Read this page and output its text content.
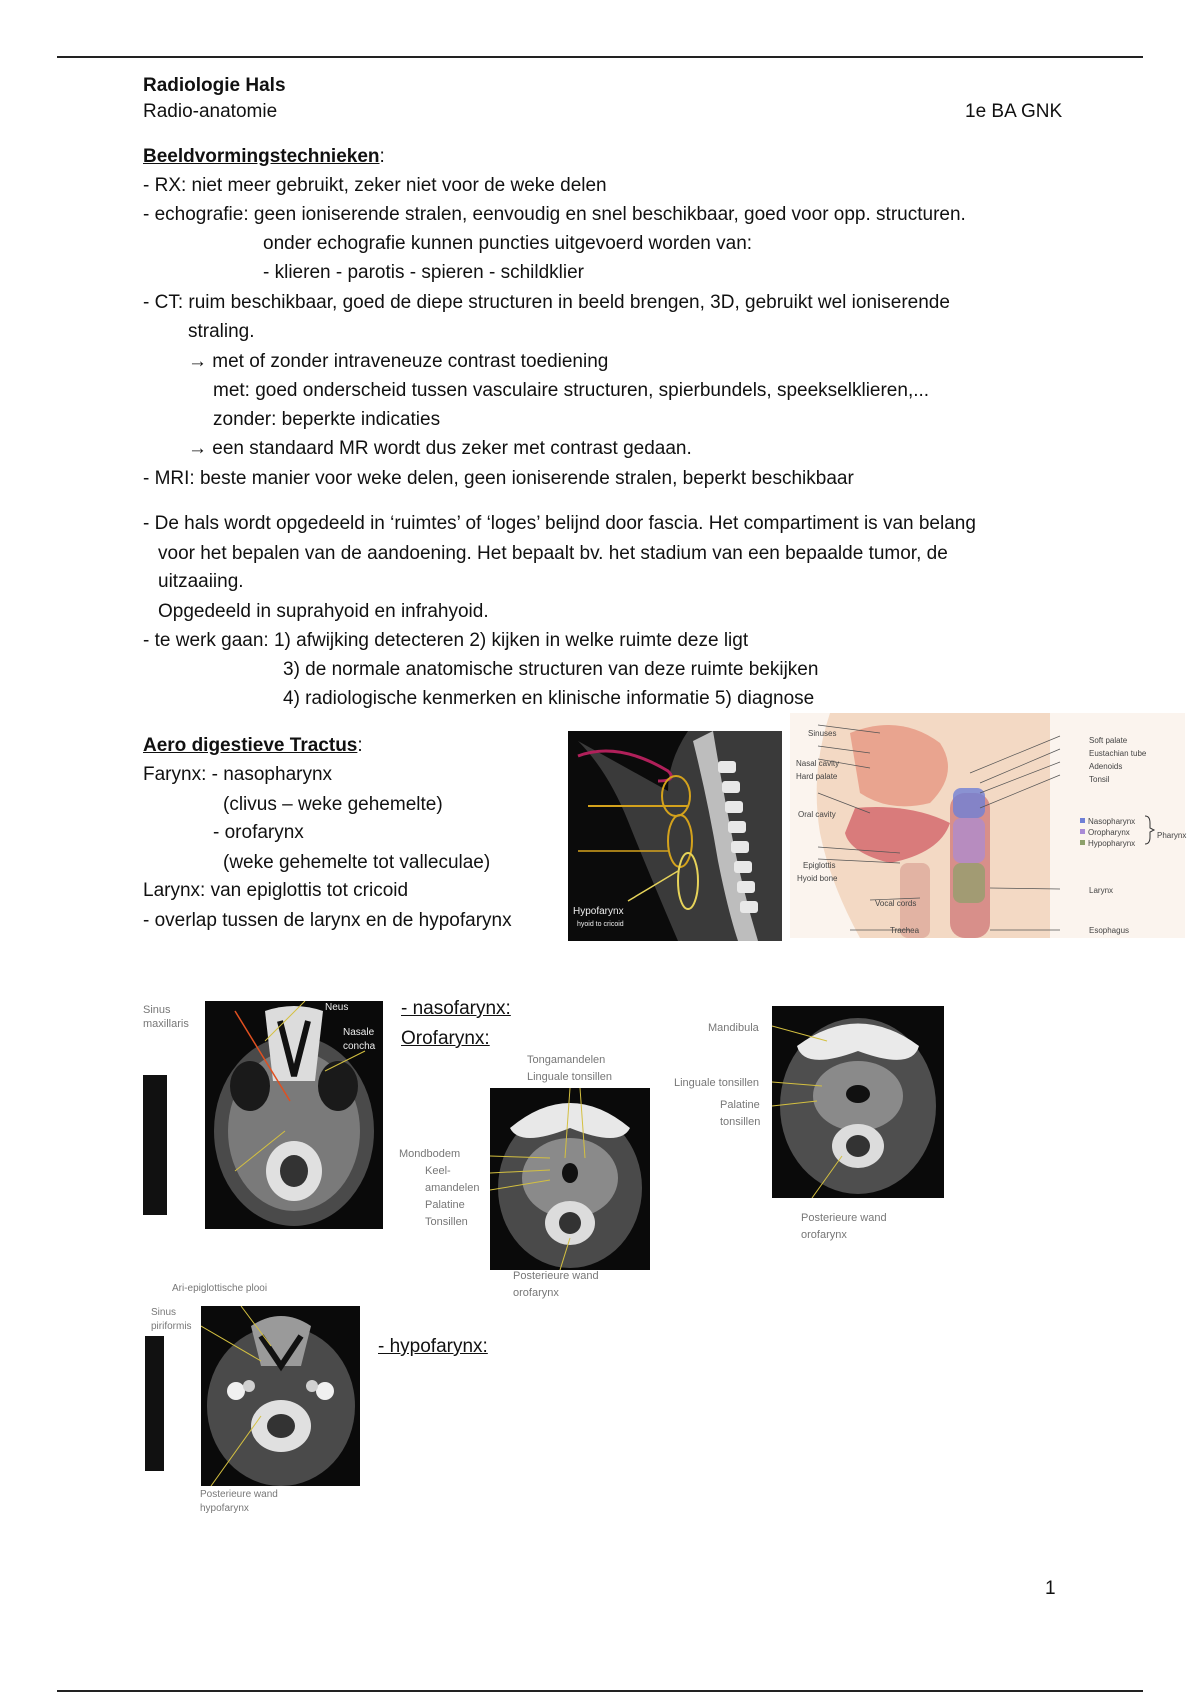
Radiologie Hals
Radio-anatomie	1e BA GNK
Beeldvormingstechnieken:
- RX: niet meer gebruikt, zeker niet voor de weke delen
- echografie: geen ioniserende stralen, eenvoudig en snel beschikbaar, goed voor opp. structuren.
onder echografie kunnen puncties uitgevoerd worden van:
- klieren - parotis - spieren - schildklier
- CT: ruim beschikbaar, goed de diepe structuren in beeld brengen, 3D, gebruikt wel ioniserende
straling.
→ met of zonder intraveneuze contrast toediening
met: goed onderscheid tussen vasculaire structuren, spierbundels, speekselklieren,...
zonder: beperkte indicaties
→ een standaard MR wordt dus zeker met contrast gedaan.
- MRI: beste manier voor weke delen, geen ioniserende stralen, beperkt beschikbaar
- De hals wordt opgedeeld in ‘ruimtes’ of ‘loges’ belijnd door fascia. Het compartiment is van belang
voor het bepalen van de aandoening. Het bepaalt bv. het stadium van een bepaalde tumor, de
uitzaaiing.
Opgedeeld in suprahyoid en infrahyoid.
- te werk gaan: 1) afwijking detecteren 2) kijken in welke ruimte deze ligt
3) de normale anatomische structuren van deze ruimte bekijken
4) radiologische kenmerken en klinische informatie 5) diagnose
Aero digestieve Tractus:
Farynx: - nasopharynx
(clivus – weke gehemelte)
- orofarynx
(weke gehemelte tot valleculae)
Larynx: van epiglottis tot cricoid
- overlap tussen de larynx en de hypofarynx	Hypofarynx
hyoid to cricoid
Sinuses
Nasal cavity
Hard palate
Oral cavity
Epiglottis
Hyoid bone
Vocal cords
Trachea
Soft palate
Eustachian tube
Adenoids
Tonsil
Larynx
Esophagus
Nasopharynx
Oropharynx
Hypopharynx
Pharynx
Sinus
maxillaris
Neus
Nasale
concha
- nasofarynx:
Orofarynx:
Tongamandelen
Linguale tonsillen
Mondbodem
Keel-
amandelen
Palatine
Tonsillen
Posterieure wand
orofarynx
Mandibula
Linguale tonsillen
Palatine
tonsillen
Posterieure wand
orofarynx
Ari-epiglottische plooi
Sinus
piriformis
Posterieure wand
hypofarynx
- hypofarynx:
1
